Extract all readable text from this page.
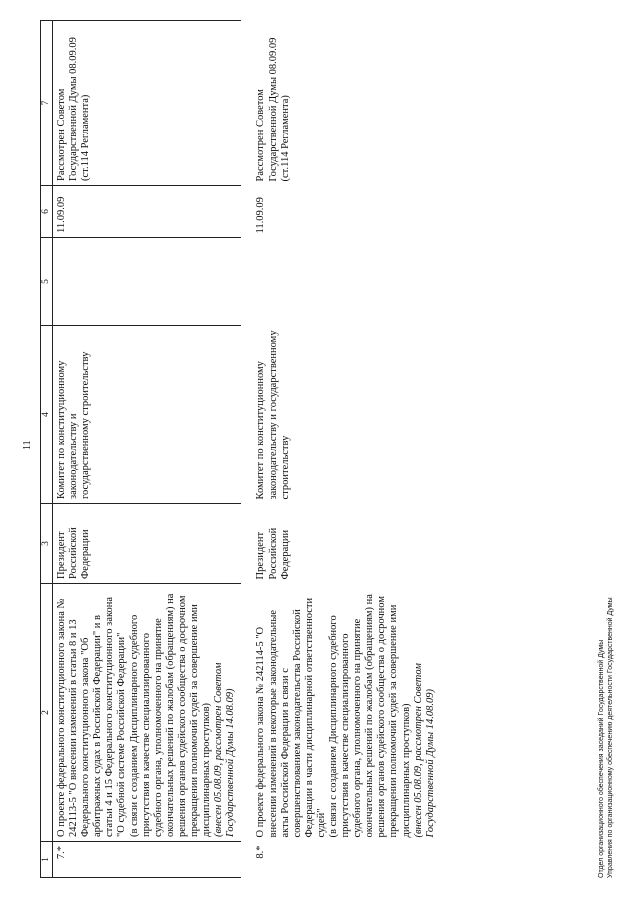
11
1	2	3	4	5	6	7
7.*	О проекте федерального конституционного закона № 242113-5 "О внесении изменений в статьи 8 и 13 Федерального конституционного закона "Об арбитражных судах в Российской Федерации" и в статьи 4 и 15 Федерального конституционного закона "О судебной системе Российской Федерации" (в связи с созданием Дисциплинарного судебного присутствия в качестве специализированного судебного органа, уполномоченного на принятие окончательных решений по жалобам (обращениям) на решения органов судейского сообщества о досрочном прекращении полномочий судей за совершение ими дисциплинарных проступков) (внесен 05.08.09, рассмотрен Советом Государственной Думы 14.08.09)	Президент Российской Федерации	Комитет по конституционному законодательству и государственному строительству		11.09.09	Рассмотрен Советом Государственной Думы 08.09.09 (ст.114 Регламента)
8.*	О проекте федерального закона № 242114-5 "О внесении изменений в некоторые законодательные акты Российской Федерации в связи с совершенствованием законодательства Российской Федерации в части дисциплинарной ответственности судей" (в связи с созданием Дисциплинарного судебного присутствия в качестве специализированного судебного органа, уполномоченного на принятие окончательных решений по жалобам (обращениям) на решения органов судейского сообщества о досрочном прекращении полномочий судей за совершение ими дисциплинарных проступков) (внесен 05.08.09, рассмотрен Советом Государственной Думы 14.08.09)	Президент Российской Федерации	Комитет по конституционному законодательству и государственному строительству		11.09.09	Рассмотрен Советом Государственной Думы 08.09.09 (ст.114 Регламента)
Отдел организационного обеспечения заседаний Государственной Думы Управления по организационному обеспечению деятельности Государственной Думы
